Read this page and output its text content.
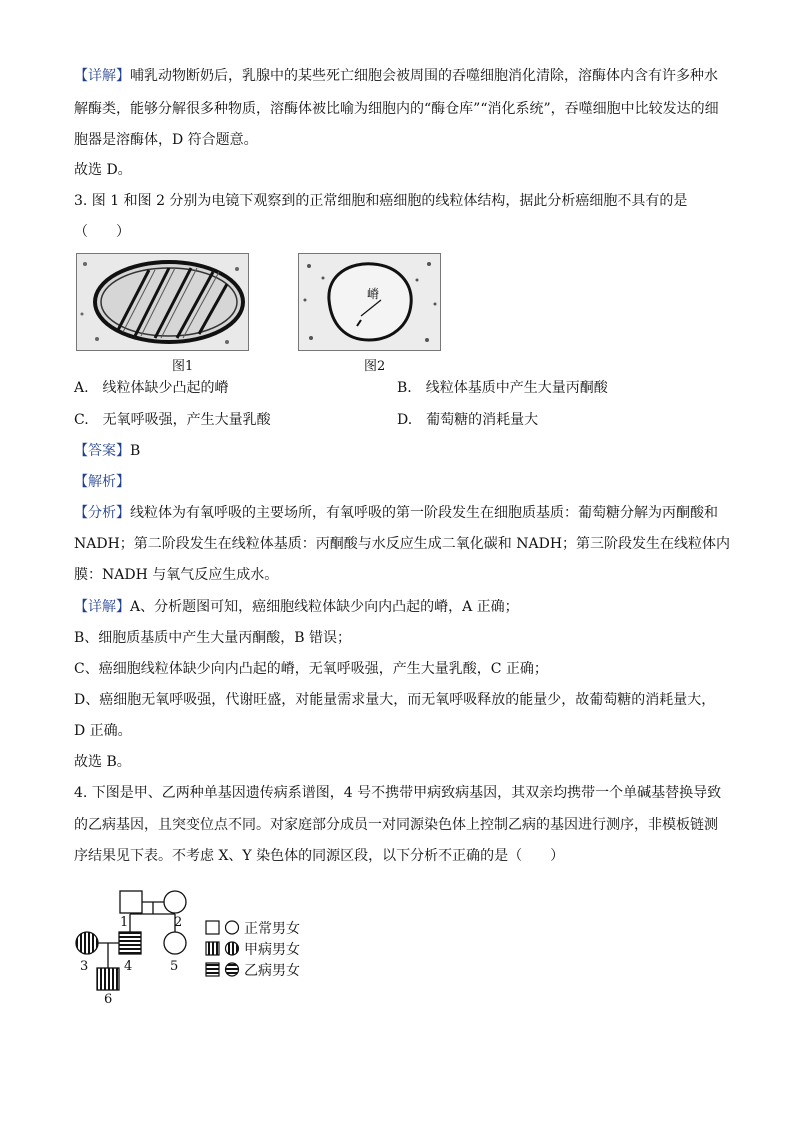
【详解】哺乳动物断奶后，乳腺中的某些死亡细胞会被周围的吞噬细胞消化清除，溶酶体内含有许多种水
解酶类，能够分解很多种物质，溶酶体被比喻为细胞内的“酶仓库”“消化系统”，吞噬细胞中比较发达的细
胞器是溶酶体，D 符合题意。
故选 D。
3. 图 1 和图 2 分别为电镜下观察到的正常细胞和癌细胞的线粒体结构，据此分析癌细胞不具有的是
（　　）
图1
嵴
图2
A.　线粒体缺少凸起的嵴	B.　线粒体基质中产生大量丙酮酸
C.　无氧呼吸强，产生大量乳酸	D.　葡萄糖的消耗量大
【答案】B
【解析】
【分析】线粒体为有氧呼吸的主要场所，有氧呼吸的第一阶段发生在细胞质基质：葡萄糖分解为丙酮酸和
NADH；第二阶段发生在线粒体基质：丙酮酸与水反应生成二氧化碳和 NADH；第三阶段发生在线粒体内
膜：NADH 与氧气反应生成水。
【详解】A、分析题图可知，癌细胞线粒体缺少向内凸起的嵴，A 正确；
B、细胞质基质中产生大量丙酮酸，B 错误；
C、癌细胞线粒体缺少向内凸起的嵴，无氧呼吸强，产生大量乳酸，C 正确；
D、癌细胞无氧呼吸强，代谢旺盛，对能量需求量大，而无氧呼吸释放的能量少，故葡萄糖的消耗量大，
D 正确。
故选 B。
4. 下图是甲、乙两种单基因遗传病系谱图，4 号不携带甲病致病基因，其双亲均携带一个单碱基替换导致
的乙病基因，且突变位点不同。对家庭部分成员一对同源染色体上控制乙病的基因进行测序，非模板链测
序结果见下表。不考虑 X、Y 染色体的同源区段，以下分析不正确的是（　　）
1	2
3	4	5
6
正常男女
甲病男女
乙病男女
